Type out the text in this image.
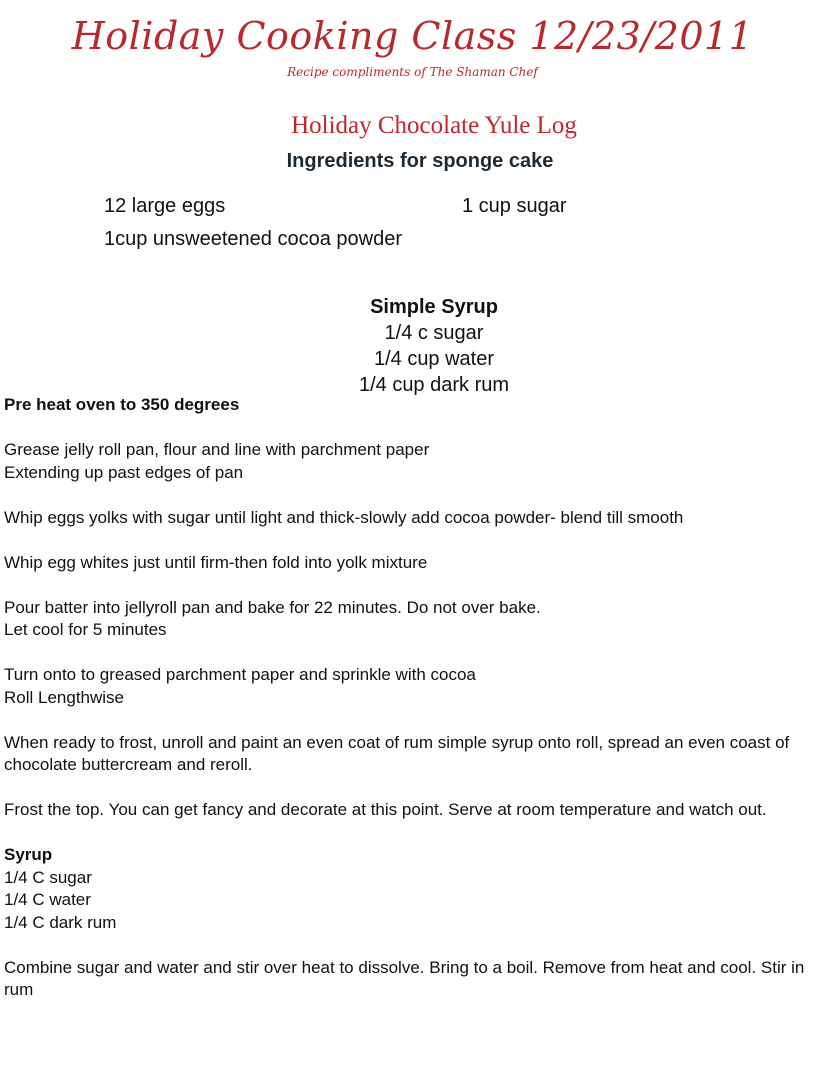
Holiday Cooking Class 12/23/2011
Recipe compliments of The Shaman Chef
Holiday Chocolate Yule Log
Ingredients for sponge cake
12 large eggs	1 cup sugar
1cup unsweetened cocoa powder
Simple Syrup
1/4 c sugar
1/4 cup water
1/4 cup dark rum

Pre heat oven to 350 degrees

Grease jelly roll pan, flour and line with parchment paper

Extending up past edges of pan

Whip eggs yolks with sugar until light and thick-slowly add cocoa powder- blend till smooth

Whip egg whites just until firm-then fold into yolk mixture

Pour batter into jellyroll pan and bake for 22 minutes. Do not over bake.

Let cool for 5 minutes

Turn onto to greased parchment paper and sprinkle with cocoa

Roll Lengthwise

When ready to frost, unroll and paint an even coat of rum simple syrup onto roll, spread an even coast of chocolate buttercream and reroll.

Frost the top. You can get fancy and decorate at this point. Serve at room temperature and watch out.

Syrup

1/4 C sugar

1/4 C water

1/4 C dark rum

Combine sugar and water and stir over heat to dissolve. Bring to a boil. Remove from heat and cool. Stir in rum
